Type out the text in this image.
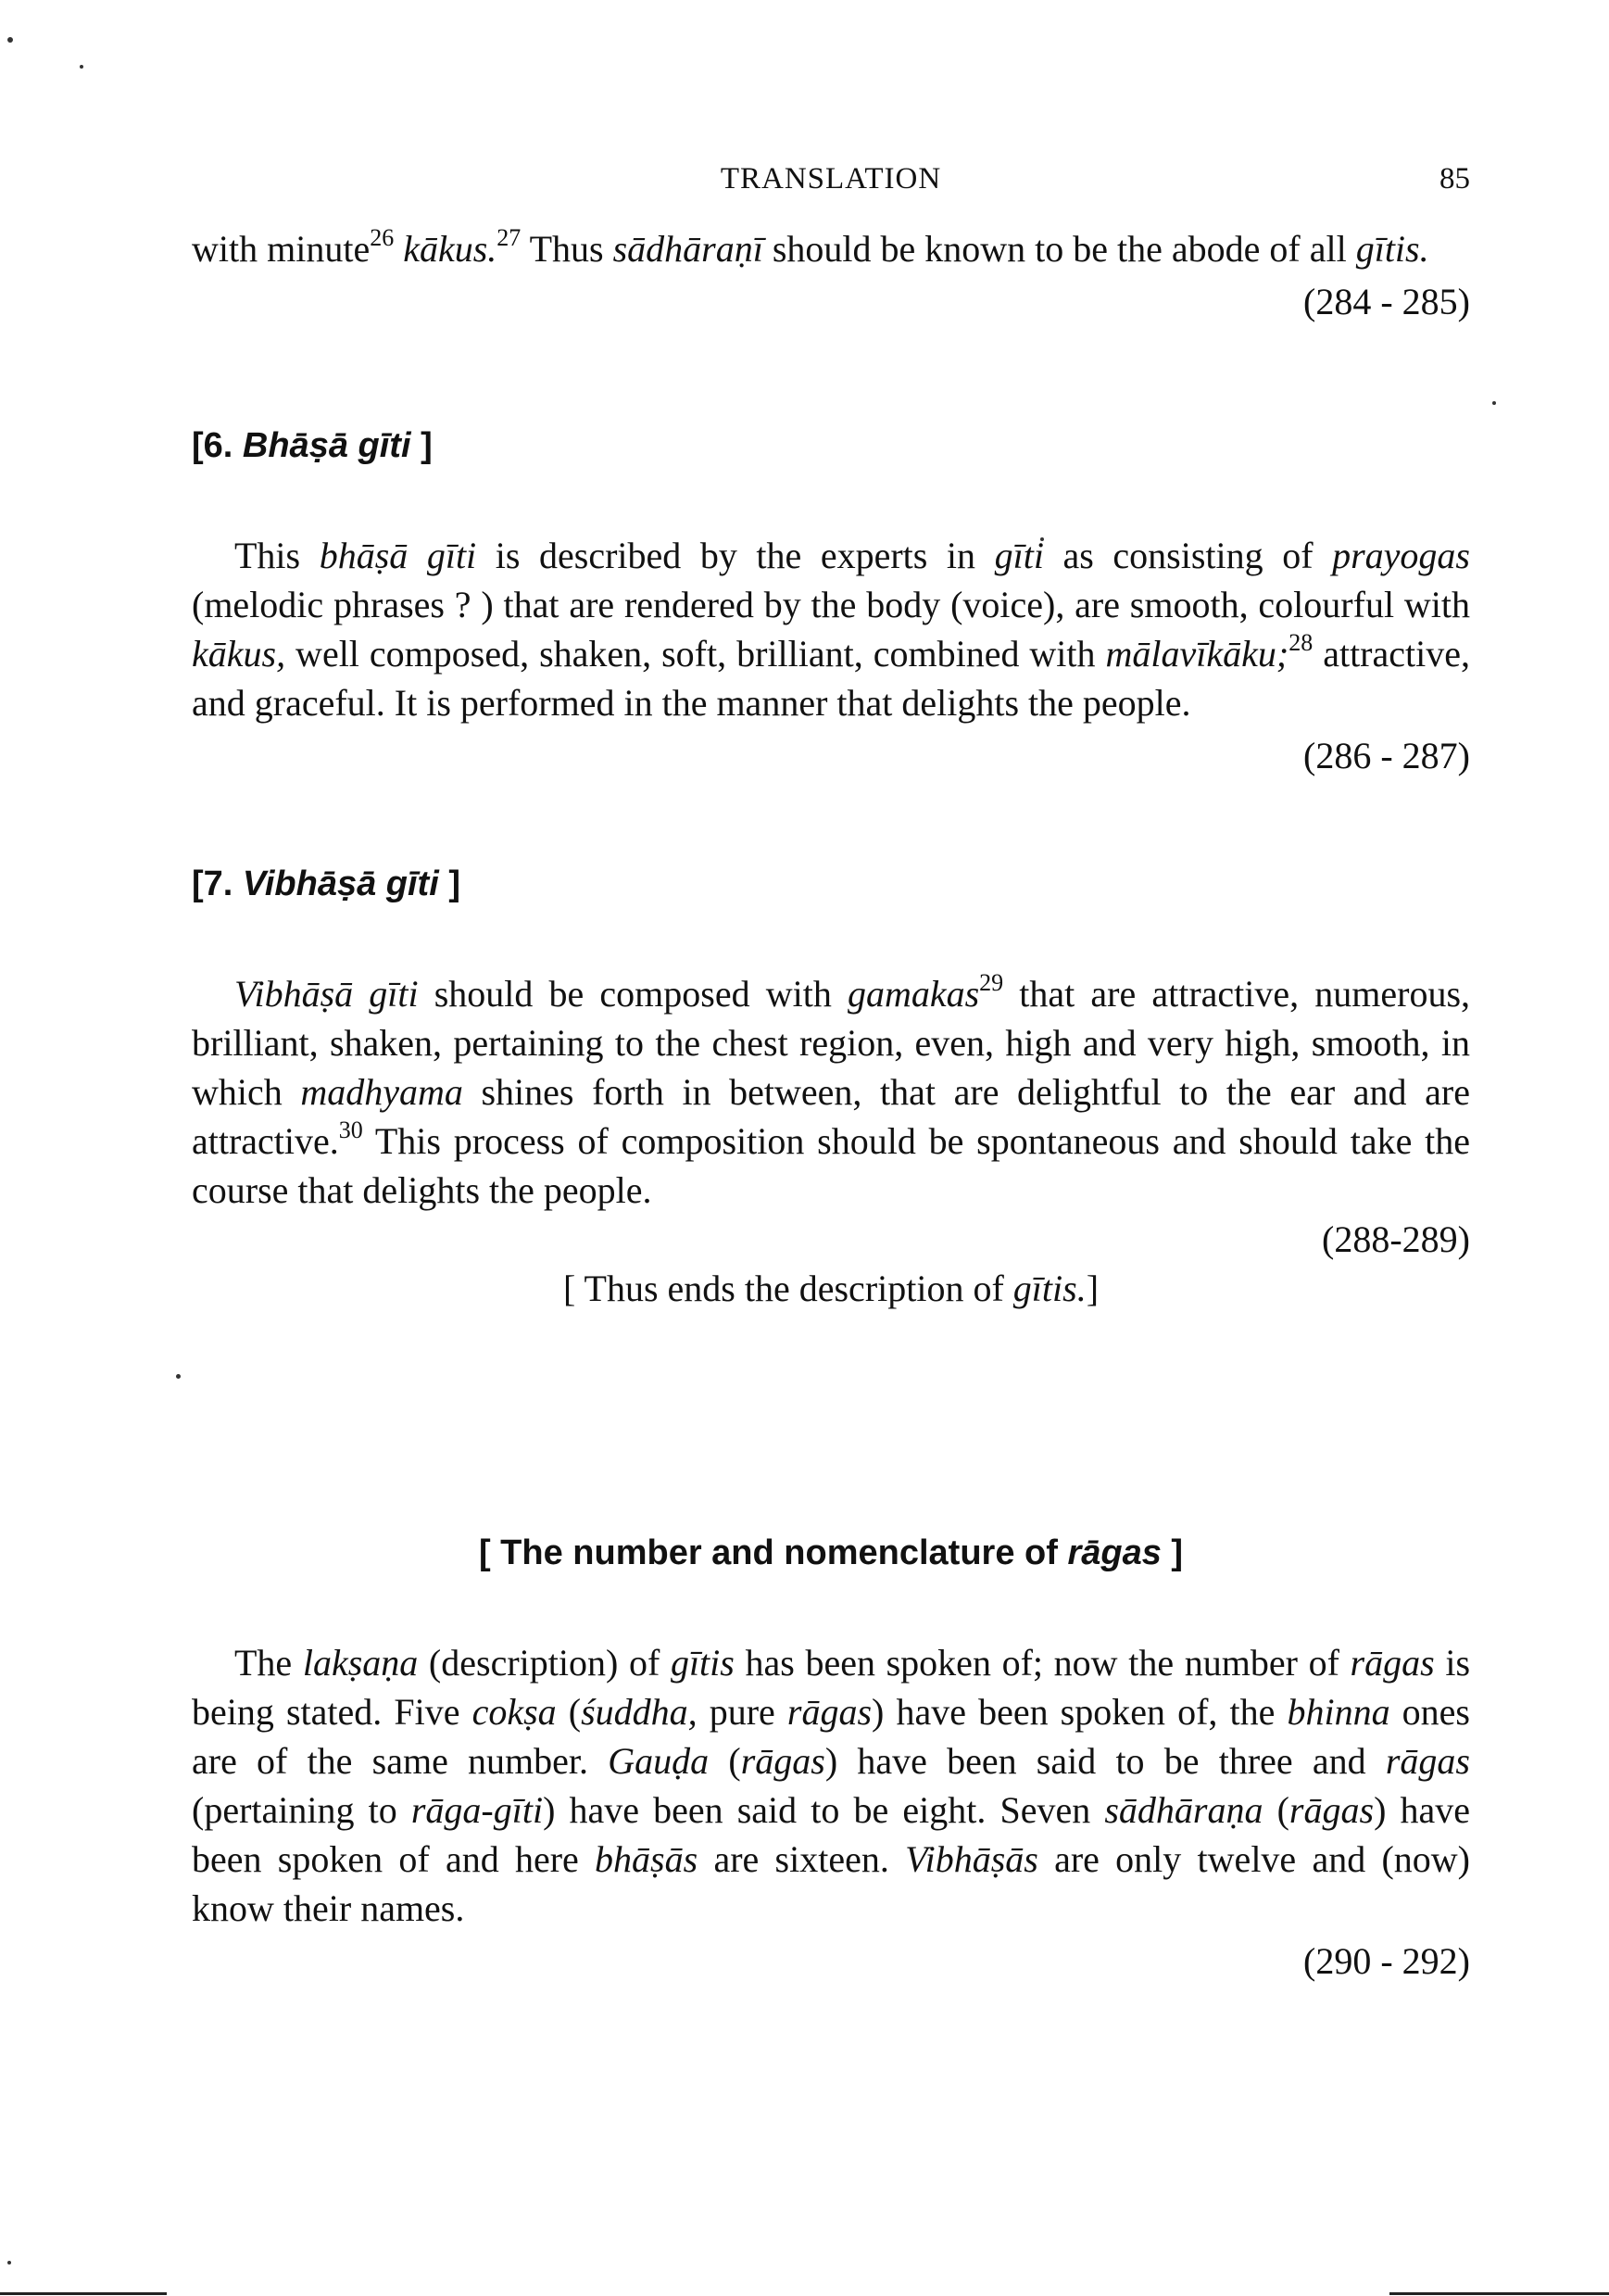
TRANSLATION	85

with minute$^{26}$ kākus.$^{27}$ Thus sādhāraṇī should be known to be the abode of all gītis.

(284 - 285)
[6. Bhāṣā gīti ]

This bhāṣā gīti is described by the experts in gīti as consisting of prayogas (melodic phrases ? ) that are rendered by the body (voice), are smooth, colourful with kākus, well composed, shaken, soft, brilliant, combined with mālavīkāku;$^{28}$ attractive, and graceful. It is performed in the manner that delights the people.

(286 - 287)
[7. Vibhāṣā gīti ]

Vibhāṣā gīti should be composed with gamakas$^{29}$ that are attractive, numerous, brilliant, shaken, pertaining to the chest region, even, high and very high, smooth, in which madhyama shines forth in between, that are delightful to the ear and are attractive.$^{30}$ This process of composition should be spontaneous and should take the course that delights the people.

(288-289)
[ Thus ends the description of gītis.]
[ The number and nomenclature of rāgas ]

The lakṣaṇa (description) of gītis has been spoken of; now the number of rāgas is being stated. Five cokṣa (śuddha, pure rāgas) have been spoken of, the bhinna ones are of the same number. Gauḍa (rāgas) have been said to be three and rāgas (pertaining to rāga-gīti) have been said to be eight. Seven sādhāraṇa (rāgas) have been spoken of and here bhāṣās are sixteen. Vibhāṣās are only twelve and (now) know their names.

(290 - 292)
